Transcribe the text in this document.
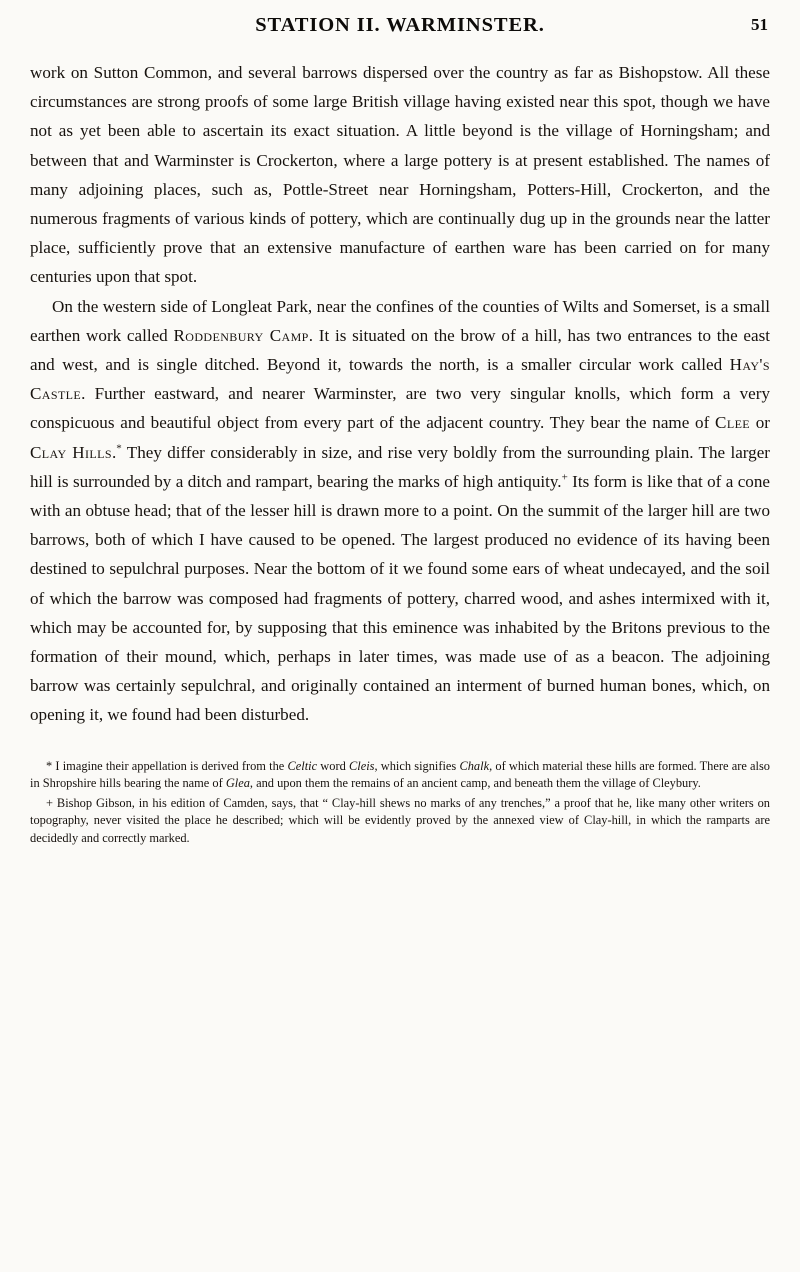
STATION II. WARMINSTER.	51

work on Sutton Common, and several barrows dispersed over the country as far as Bishopstow. All these circumstances are strong proofs of some large British village having existed near this spot, though we have not as yet been able to ascertain its exact situation. A little beyond is the village of Horningsham; and between that and Warminster is Crockerton, where a large pottery is at present established. The names of many adjoining places, such as, Pottle-Street near Horningsham, Potters-Hill, Crockerton, and the numerous fragments of various kinds of pottery, which are continually dug up in the grounds near the latter place, sufficiently prove that an extensive manufacture of earthen ware has been carried on for many centuries upon that spot.

On the western side of Longleat Park, near the confines of the counties of Wilts and Somerset, is a small earthen work called Roddenbury Camp. It is situated on the brow of a hill, has two entrances to the east and west, and is single ditched. Beyond it, towards the north, is a smaller circular work called Hay's Castle. Further eastward, and nearer Warminster, are two very singular knolls, which form a very conspicuous and beautiful object from every part of the adjacent country. They bear the name of Clee or Clay Hills.* They differ considerably in size, and rise very boldly from the surrounding plain. The larger hill is surrounded by a ditch and rampart, bearing the marks of high antiquity.+ Its form is like that of a cone with an obtuse head; that of the lesser hill is drawn more to a point. On the summit of the larger hill are two barrows, both of which I have caused to be opened. The largest produced no evidence of its having been destined to sepulchral purposes. Near the bottom of it we found some ears of wheat undecayed, and the soil of which the barrow was composed had fragments of pottery, charred wood, and ashes intermixed with it, which may be accounted for, by supposing that this eminence was inhabited by the Britons previous to the formation of their mound, which, perhaps in later times, was made use of as a beacon. The adjoining barrow was certainly sepulchral, and originally contained an interment of burned human bones, which, on opening it, we found had been disturbed.

* I imagine their appellation is derived from the Celtic word Cleis, which signifies Chalk, of which material these hills are formed. There are also in Shropshire hills bearing the name of Glea, and upon them the remains of an ancient camp, and beneath them the village of Cleybury.

+ Bishop Gibson, in his edition of Camden, says, that “ Clay-hill shews no marks of any trenches,” a proof that he, like many other writers on topography, never visited the place he described; which will be evidently proved by the annexed view of Clay-hill, in which the ramparts are decidedly and correctly marked.
